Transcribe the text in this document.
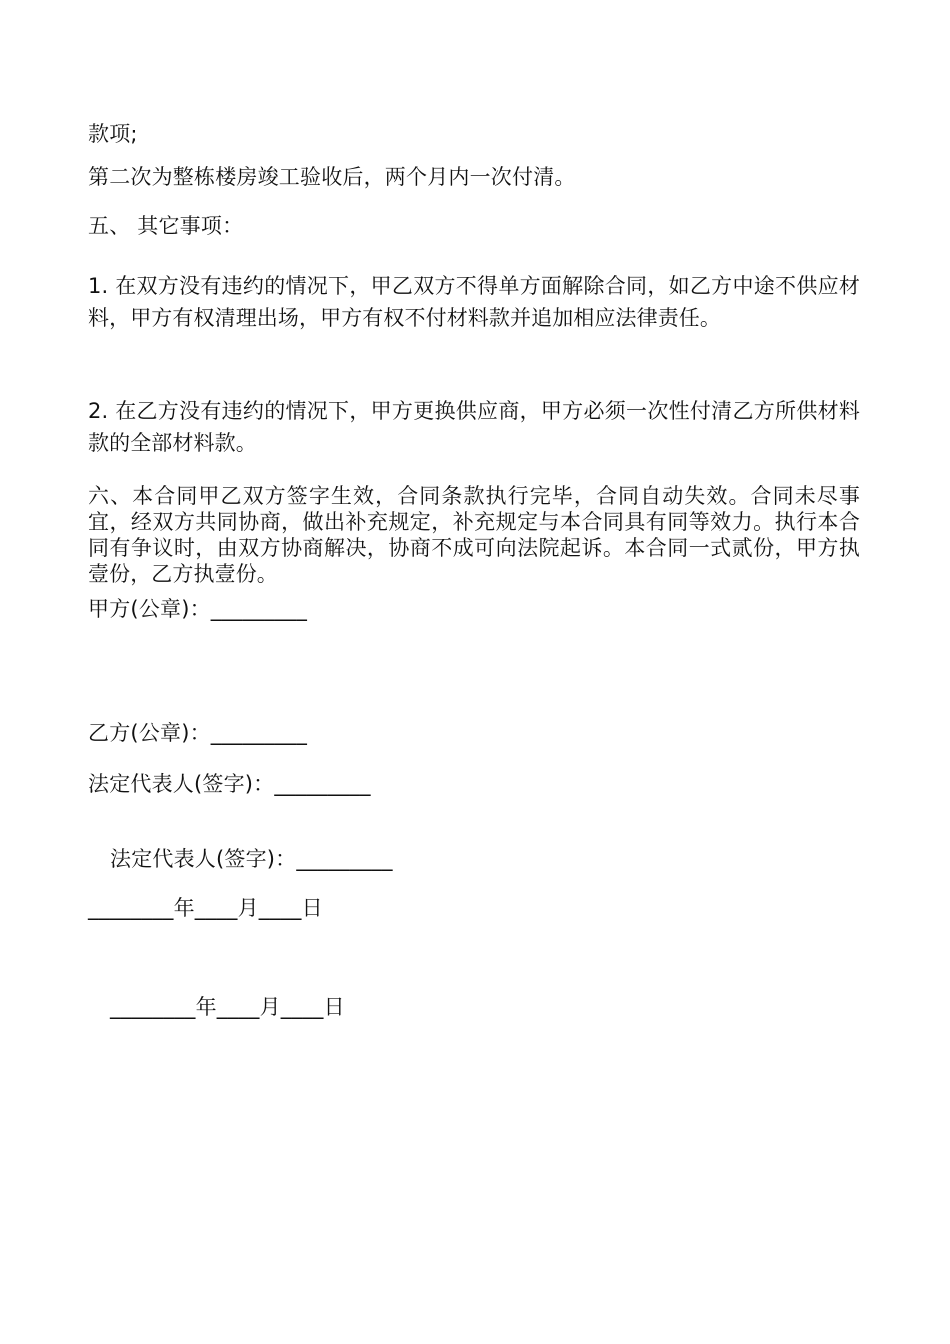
款项;
第二次为整栋楼房竣工验收后，两个月内一次付清。
五、 其它事项：
1. 在双方没有违约的情况下，甲乙双方不得单方面解除合同，如乙方中途不供应材料，甲方有权清理出场，甲方有权不付材料款并追加相应法律责任。
2. 在乙方没有违约的情况下，甲方更换供应商，甲方必须一次性付清乙方所供材料款的全部材料款。
六、本合同甲乙双方签字生效，合同条款执行完毕，合同自动失效。合同未尽事宜，经双方共同协商，做出补充规定，补充规定与本合同具有同等效力。执行本合同有争议时，由双方协商解决，协商不成可向法院起诉。本合同一式贰份，甲方执壹份，乙方执壹份。
甲方(公章)：_________
乙方(公章)：_________
法定代表人(签字)：_________
法定代表人(签字)：_________
________年____月____日
________年____月____日
